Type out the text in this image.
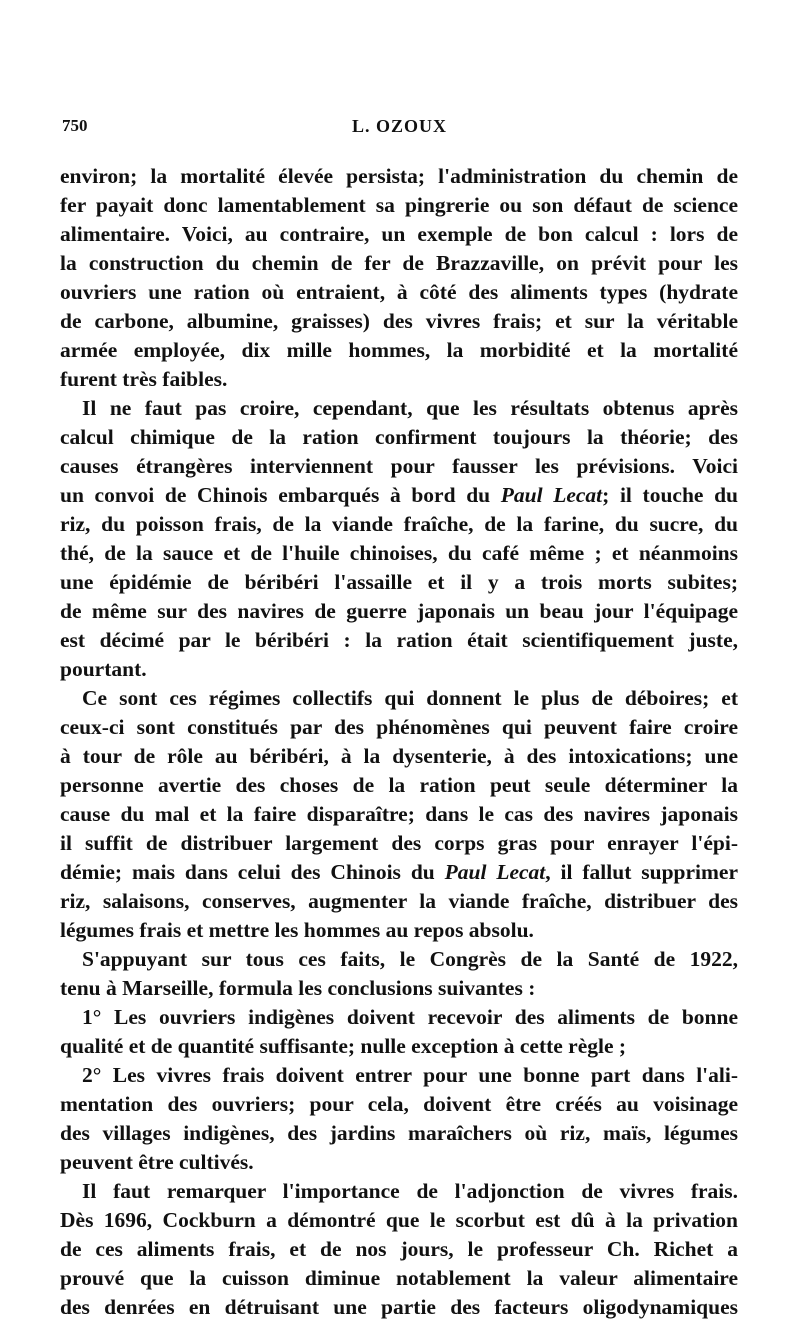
750	L. OZOUX

environ; la mortalité élevée persista; l'administration du chemin de
fer payait donc lamentablement sa pingrerie ou son défaut de science
alimentaire. Voici, au contraire, un exemple de bon calcul : lors de
la construction du chemin de fer de Brazzaville, on prévit pour les
ouvriers une ration où entraient, à côté des aliments types (hydrate
de carbone, albumine, graisses) des vivres frais; et sur la véritable
armée employée, dix mille hommes, la morbidité et la mortalité
furent très faibles.

Il ne faut pas croire, cependant, que les résultats obtenus après
calcul chimique de la ration confirment toujours la théorie; des
causes étrangères interviennent pour fausser les prévisions. Voici
un convoi de Chinois embarqués à bord du Paul Lecat; il touche du
riz, du poisson frais, de la viande fraîche, de la farine, du sucre, du
thé, de la sauce et de l'huile chinoises, du café même ; et néanmoins
une épidémie de béribéri l'assaille et il y a trois morts subites;
de même sur des navires de guerre japonais un beau jour l'équipage
est décimé par le béribéri : la ration était scientifiquement juste,
pourtant.

Ce sont ces régimes collectifs qui donnent le plus de déboires; et
ceux-ci sont constitués par des phénomènes qui peuvent faire croire
à tour de rôle au béribéri, à la dysenterie, à des intoxications; une
personne avertie des choses de la ration peut seule déterminer la
cause du mal et la faire disparaître; dans le cas des navires japonais
il suffit de distribuer largement des corps gras pour enrayer l'épi-
démie; mais dans celui des Chinois du Paul Lecat, il fallut supprimer
riz, salaisons, conserves, augmenter la viande fraîche, distribuer des
légumes frais et mettre les hommes au repos absolu.

S'appuyant sur tous ces faits, le Congrès de la Santé de 1922,
tenu à Marseille, formula les conclusions suivantes :

1° Les ouvriers indigènes doivent recevoir des aliments de bonne
qualité et de quantité suffisante; nulle exception à cette règle ;

2° Les vivres frais doivent entrer pour une bonne part dans l'ali-
mentation des ouvriers; pour cela, doivent être créés au voisinage
des villages indigènes, des jardins maraîchers où riz, maïs, légumes
peuvent être cultivés.

Il faut remarquer l'importance de l'adjonction de vivres frais.
Dès 1696, Cockburn a démontré que le scorbut est dû à la privation
de ces aliments frais, et de nos jours, le professeur Ch. Richet a
prouvé que la cuisson diminue notablement la valeur alimentaire
des denrées en détruisant une partie des facteurs oligodynamiques
